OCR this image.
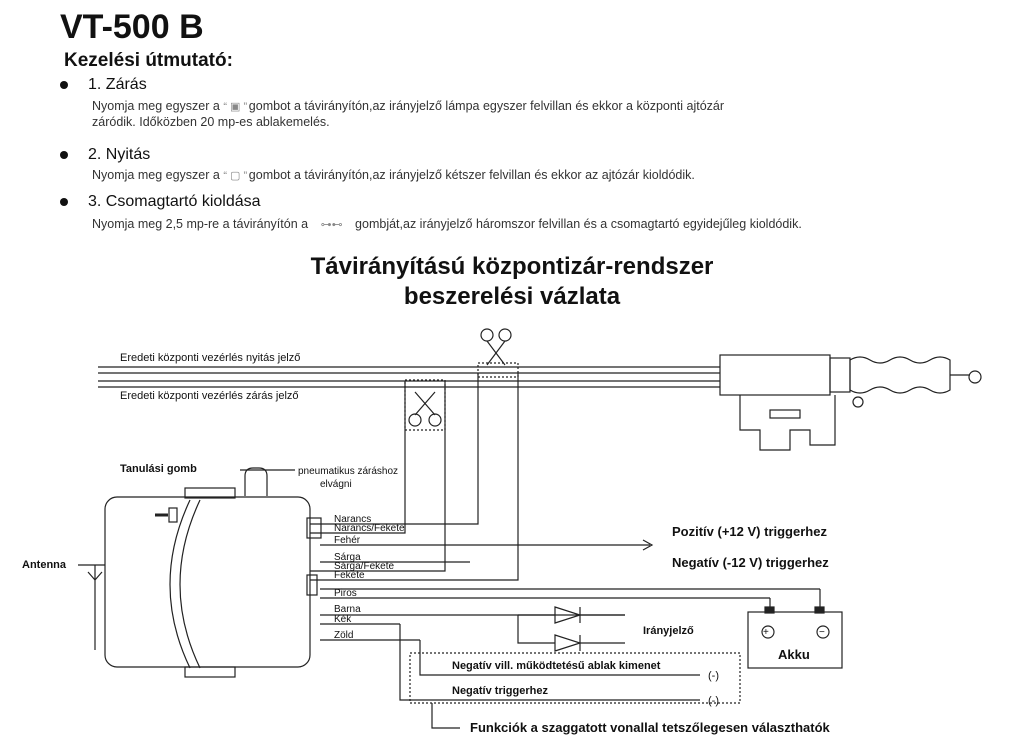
VT-500 B
Kezelési útmutató:
1. Zárás
Nyomja meg egyszer a “ ▣ ” gombot a távirányítón,az irányjelző lámpa egyszer felvillan és ekkor a központi ajtózár
záródik. Időközben 20 mp-es ablakemelés.
2. Nyitás
Nyomja meg egyszer a “ ▢ ” gombot a távirányítón,az irányjelző kétszer felvillan és ekkor az ajtózár kioldódik.
3. Csomagtartó kioldása
Nyomja meg 2,5 mp-re a távirányítón a ⊶⊷ gombját,az irányjelző háromszor felvillan és a csomagtartó egyidejűleg kioldódik.
Távirányítású központizár-rendszer
beszerelési vázlata
Eredeti központi vezérlés nyitás jelző
Eredeti központi vezérlés zárás jelző
Tanulási gomb	pneumatikus záráshoz
elvágni
Antenna
Narancs
Narancs/Fekete
Fehér
Sárga
Sárga/Fekete
Fekete
Piros
Barna
Kék
Zöld
Pozitív (+12 V) triggerhez
Negatív (-12 V) triggerhez
Irányjelző	+	−
Akku
Negatív vill. működtetésű ablak kimenet
Negatív triggerhez
(-)
(-)
Funkciók a szaggatott vonallal tetszőlegesen választhatók
